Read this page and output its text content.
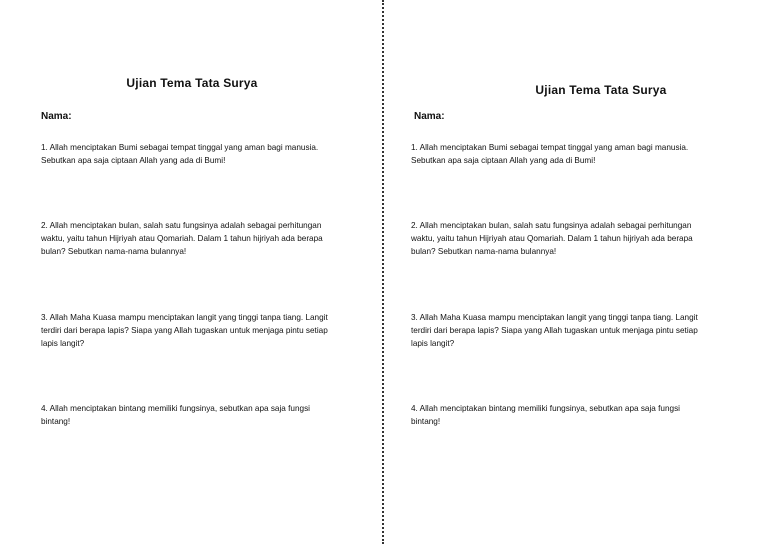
Ujian Tema Tata Surya
Nama:
1. Allah menciptakan Bumi sebagai tempat tinggal yang aman bagi manusia. Sebutkan apa saja ciptaan Allah yang ada di Bumi!
2. Allah menciptakan bulan, salah satu fungsinya adalah sebagai perhitungan waktu, yaitu tahun Hijriyah atau Qomariah. Dalam 1 tahun hijriyah ada berapa bulan? Sebutkan nama-nama bulannya!
3. Allah Maha Kuasa mampu menciptakan langit yang tinggi tanpa tiang. Langit terdiri dari berapa lapis? Siapa yang Allah tugaskan untuk menjaga pintu setiap lapis langit?
4. Allah menciptakan bintang memiliki fungsinya, sebutkan apa saja fungsi bintang!
Ujian Tema Tata Surya
Nama:
1. Allah menciptakan Bumi sebagai tempat tinggal yang aman bagi manusia. Sebutkan apa saja ciptaan Allah yang ada di Bumi!
2. Allah menciptakan bulan, salah satu fungsinya adalah sebagai perhitungan waktu, yaitu tahun Hijriyah atau Qomariah. Dalam 1 tahun hijriyah ada berapa bulan? Sebutkan nama-nama bulannya!
3. Allah Maha Kuasa mampu menciptakan langit yang tinggi tanpa tiang. Langit terdiri dari berapa lapis? Siapa yang Allah tugaskan untuk menjaga pintu setiap lapis langit?
4. Allah menciptakan bintang memiliki fungsinya, sebutkan apa saja fungsi bintang!
